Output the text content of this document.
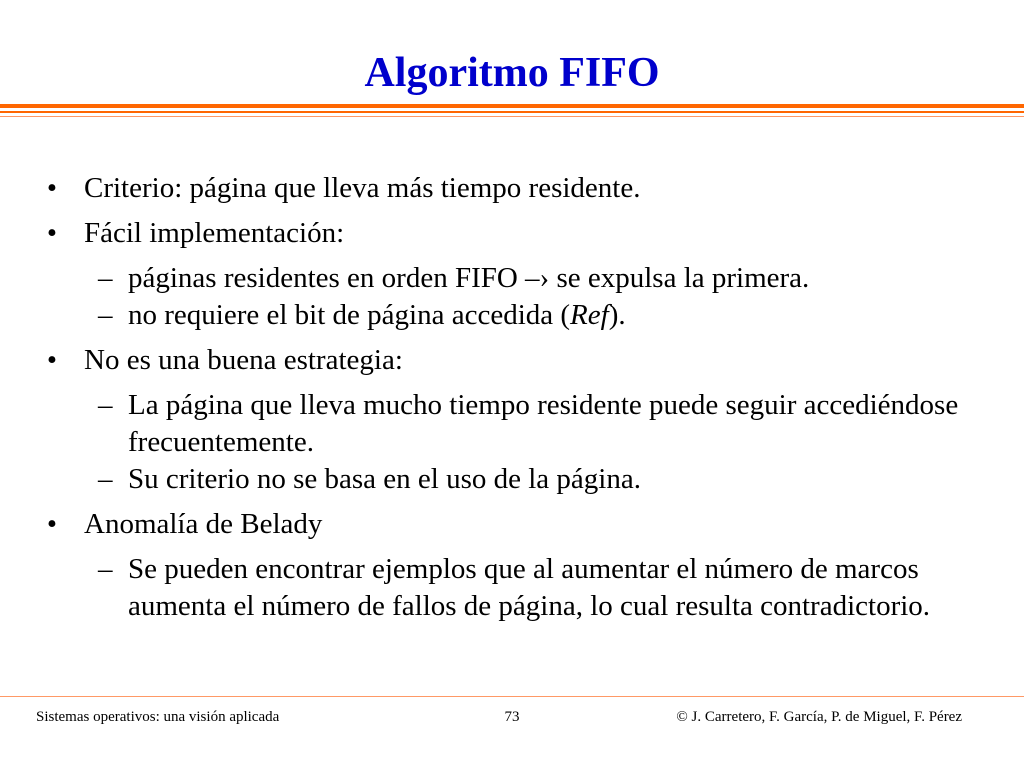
Algoritmo FIFO
• Criterio: página que lleva más tiempo residente.
• Fácil implementación:
– páginas residentes en orden FIFO –› se expulsa la primera.
– no requiere el bit de página accedida (Ref).
• No es una buena estrategia:
– La página que lleva mucho tiempo residente puede seguir accediéndose frecuentemente.
– Su criterio no se basa en el uso de la página.
• Anomalía de Belady
– Se pueden encontrar ejemplos que al aumentar el número de marcos aumenta el número de fallos de página, lo cual resulta contradictorio.
Sistemas operativos: una visión aplicada	73	© J. Carretero, F. García, P. de Miguel, F. Pérez
